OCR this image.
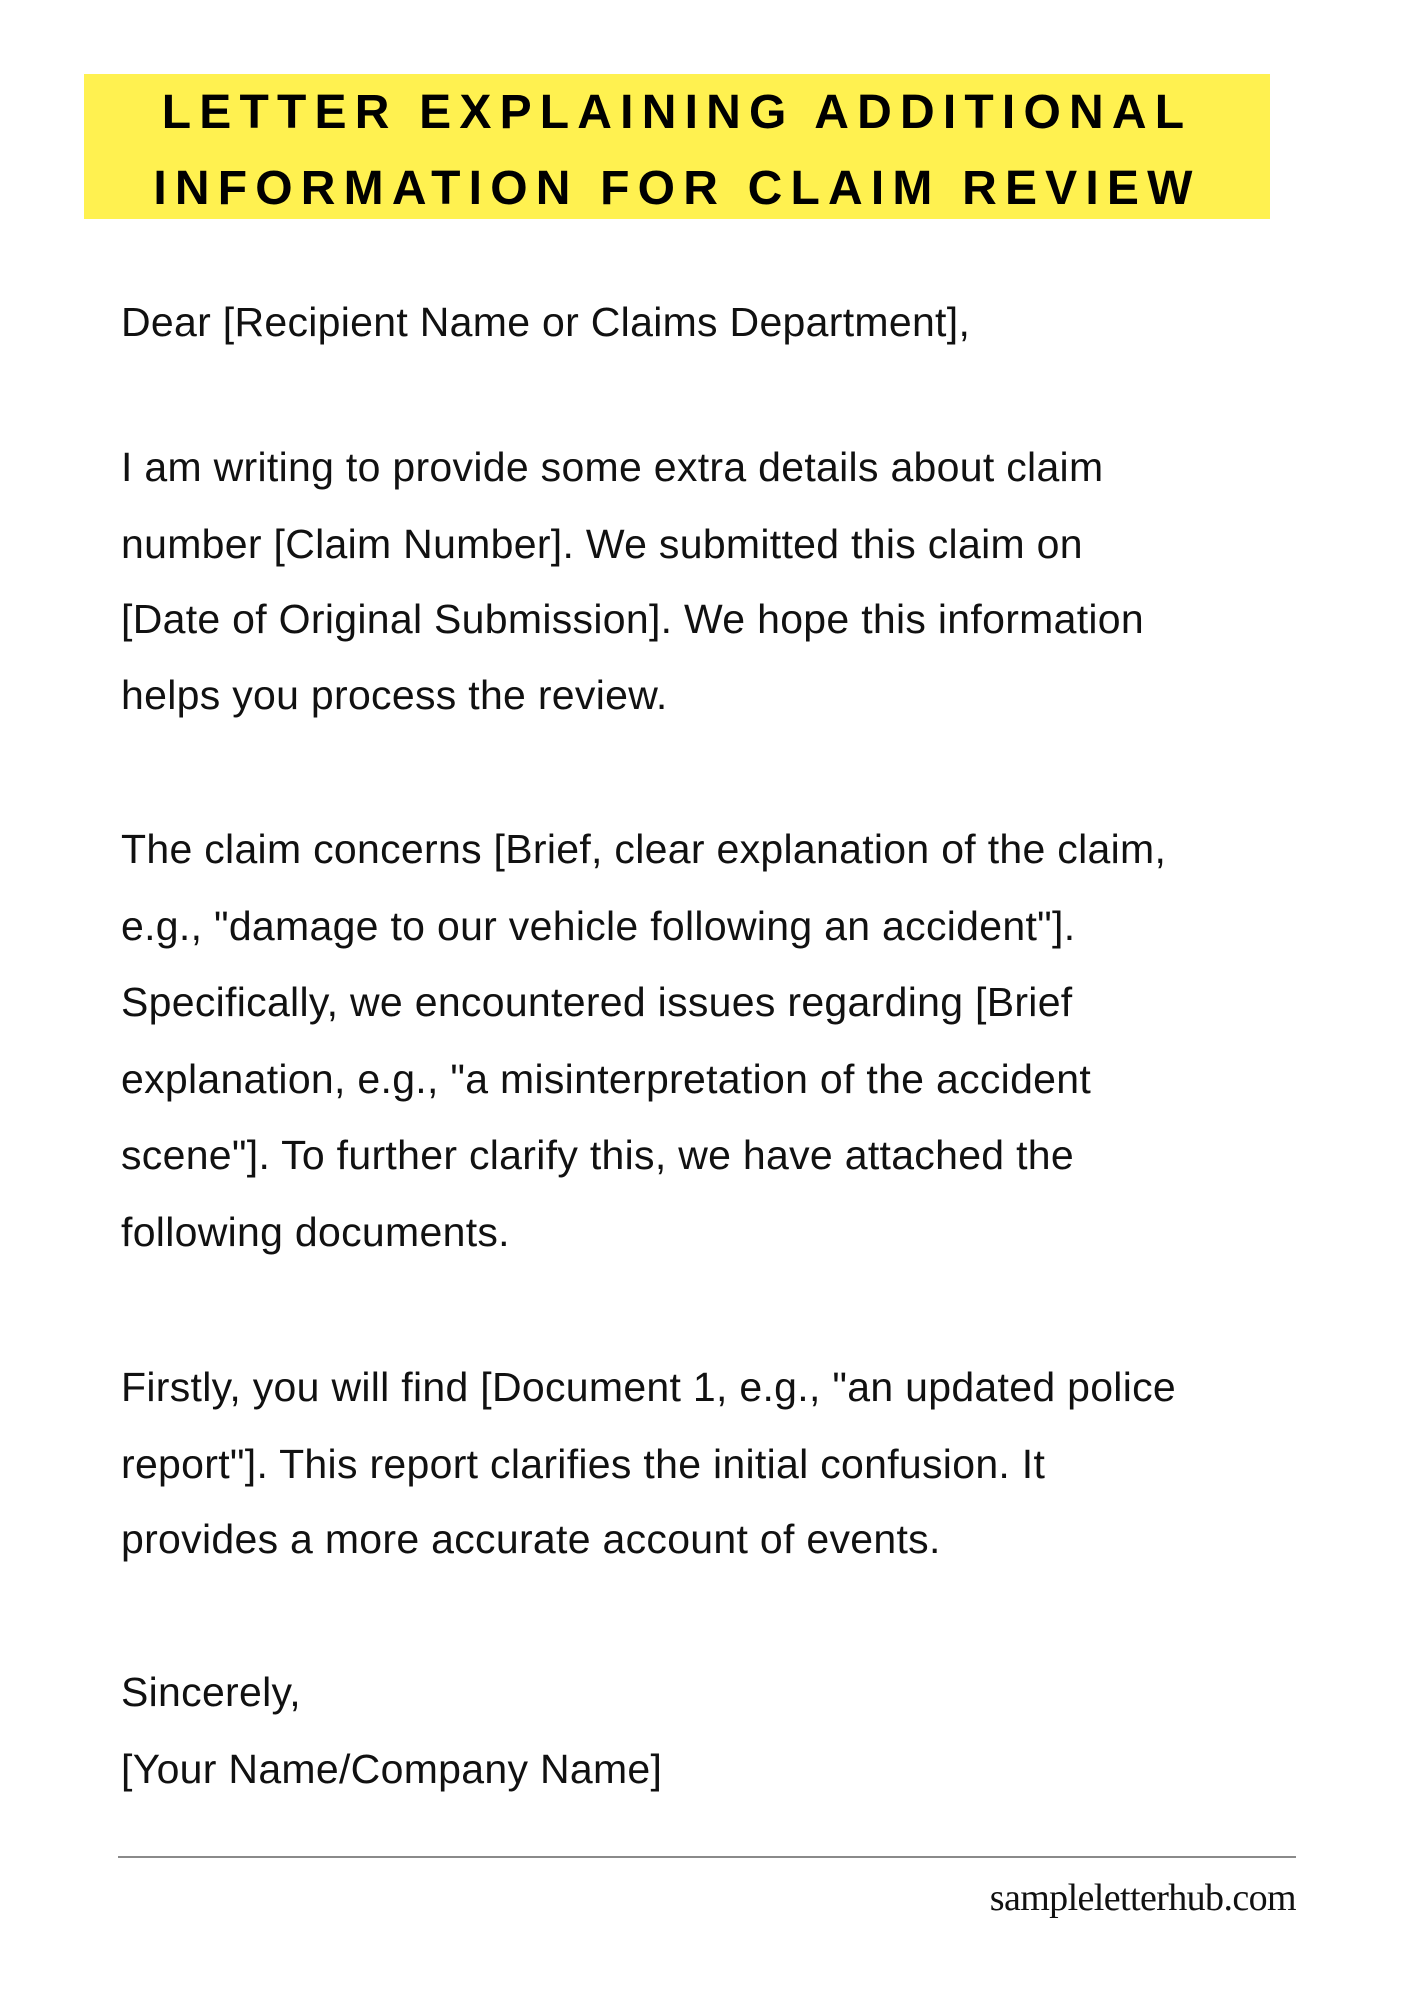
LETTER EXPLAINING ADDITIONAL
INFORMATION FOR CLAIM REVIEW
Dear [Recipient Name or Claims Department],
I am writing to provide some extra details about claim
number [Claim Number]. We submitted this claim on
[Date of Original Submission]. We hope this information
helps you process the review.
The claim concerns [Brief, clear explanation of the claim,
e.g., "damage to our vehicle following an accident"].
Specifically, we encountered issues regarding [Brief
explanation, e.g., "a misinterpretation of the accident
scene"]. To further clarify this, we have attached the
following documents.
Firstly, you will find [Document 1, e.g., "an updated police
report"]. This report clarifies the initial confusion. It
provides a more accurate account of events.
Sincerely,
[Your Name/Company Name]
sampleletterhub.com
